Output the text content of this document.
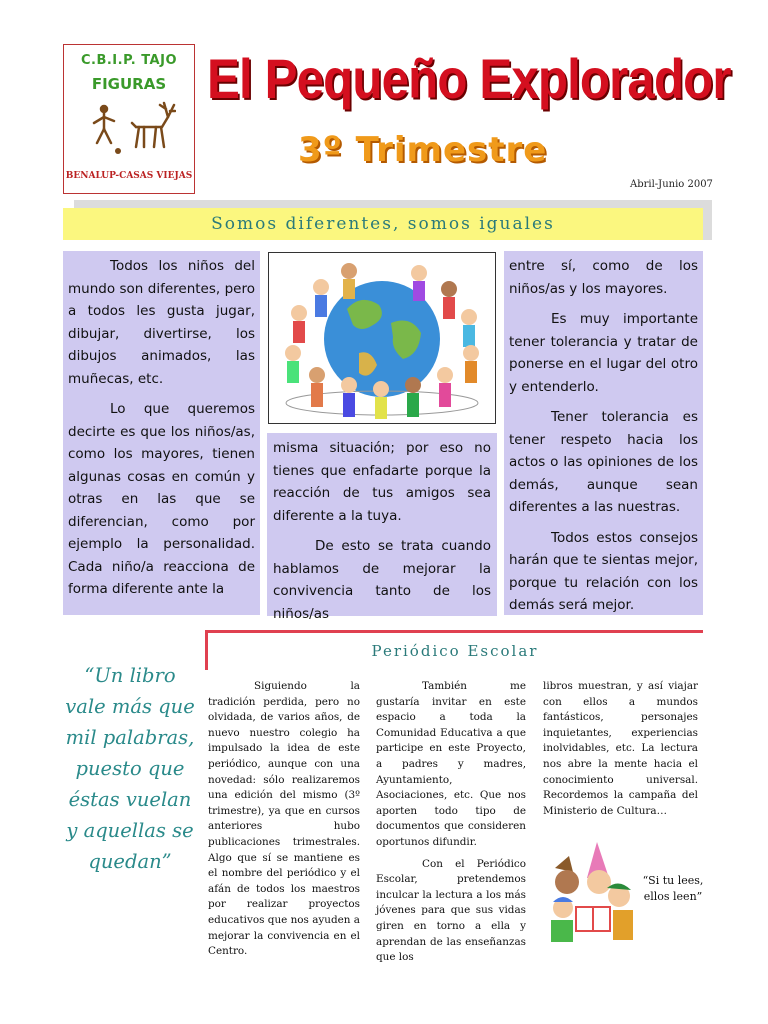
C.B.I.P. TAJO
FIGURAS
BENALUP-CASAS VIEJAS
El Pequeño Explorador
3º Trimestre
Abril-Junio 2007
Somos diferentes, somos iguales

Todos los niños del mundo son diferentes, pero a todos les gusta jugar, dibujar, divertirse, los dibujos animados, las muñecas, etc.

Lo que queremos decirte es que los niños/as, como los mayores, tienen algunas cosas en común y otras en las que se diferencian, como por ejemplo la personalidad. Cada niño/a reacciona de forma diferente ante la

misma situación; por eso no tienes que enfadarte porque la reacción de tus amigos sea diferente a la tuya.

De esto se trata cuando hablamos de mejorar la convivencia tanto de los niños/as

entre sí, como de los niños/as y los mayores.

Es muy importante tener tolerancia y tratar de ponerse en el lugar del otro y entenderlo.

Tener tolerancia es tener respeto hacia los actos o las opiniones de los demás, aunque sean diferentes a las nuestras.

Todos estos consejos harán que te sientas mejor, porque tu relación con los demás será mejor.

Periódico Escolar
“Un libro vale más que mil palabras, puesto que éstas vuelan y aquellas se quedan”

Siguiendo la tradición perdida, pero no olvidada, de varios años, de nuevo nuestro colegio ha impulsado la idea de este periódico, aunque con una novedad: sólo realizaremos una edición del mismo (3º trimestre), ya que en cursos anteriores hubo publicaciones trimestrales. Algo que sí se mantiene es el nombre del periódico y el afán de todos los maestros por realizar proyectos educativos que nos ayuden a mejorar la convivencia en el Centro.

También me gustaría invitar en este espacio a toda la Comunidad Educativa a que participe en este Proyecto, a padres y madres, Ayuntamiento, Asociaciones, etc. Que nos aporten todo tipo de documentos que consideren oportunos difundir.

Con el Periódico Escolar, pretendemos inculcar la lectura a los más jóvenes para que sus vidas giren en torno a ella y aprendan de las enseñanzas que los

libros muestran, y así viajar con ellos a mundos fantásticos, personajes inquietantes, experiencias inolvidables, etc. La lectura nos abre la mente hacia el conocimiento universal. Recordemos la campaña del Ministerio de Cultura…

“Si tu lees, ellos leen”
